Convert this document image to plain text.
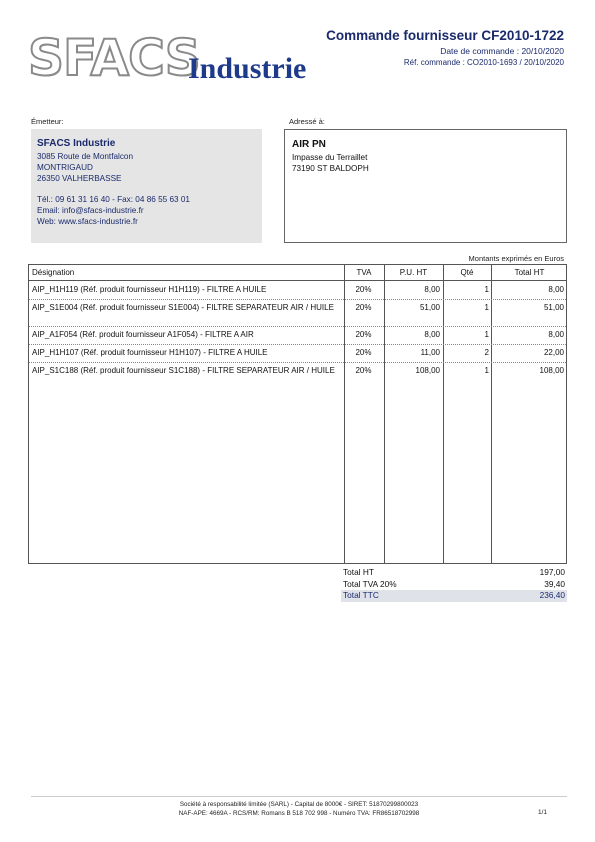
SFACS
Industrie
Commande fournisseur CF2010-1722
Date de commande : 20/10/2020
Réf. commande : CO2010-1693 / 20/10/2020
Émetteur:	Adressé à:
SFACS Industrie
3085 Route de Montfalcon
MONTRIGAUD
26350 VALHERBASSE
Tél.: 09 61 31 16 40 - Fax: 04 86 55 63 01
Email: info@sfacs-industrie.fr
Web: www.sfacs-industrie.fr
AIR PN
Impasse du Terraillet
73190 ST BALDOPH
Montants exprimés en Euros
Désignation	TVA	P.U. HT	Qté	Total HT
AIP_H1H119 (Réf. produit fournisseur H1H119) - FILTRE A HUILE	20%	8,00	1	8,00
AIP_S1E004 (Réf. produit fournisseur S1E004) - FILTRE SEPARATEUR AIR / HUILE	20%	51,00	1	51,00
AIP_A1F054 (Réf. produit fournisseur A1F054) - FILTRE A AIR	20%	8,00	1	8,00
AIP_H1H107 (Réf. produit fournisseur H1H107) - FILTRE A HUILE	20%	11,00	2	22,00
AIP_S1C188 (Réf. produit fournisseur S1C188) - FILTRE SEPARATEUR AIR / HUILE	20%	108,00	1	108,00
Total HT	197,00
Total TVA 20%	39,40
Total TTC	236,40
Société à responsabilité limitée (SARL) - Capital de 8000€ - SIRET: 51870299800023
NAF-APE: 4669A - RCS/RM: Romans B 518 702 998 - Numéro TVA: FR86518702998	1/1
